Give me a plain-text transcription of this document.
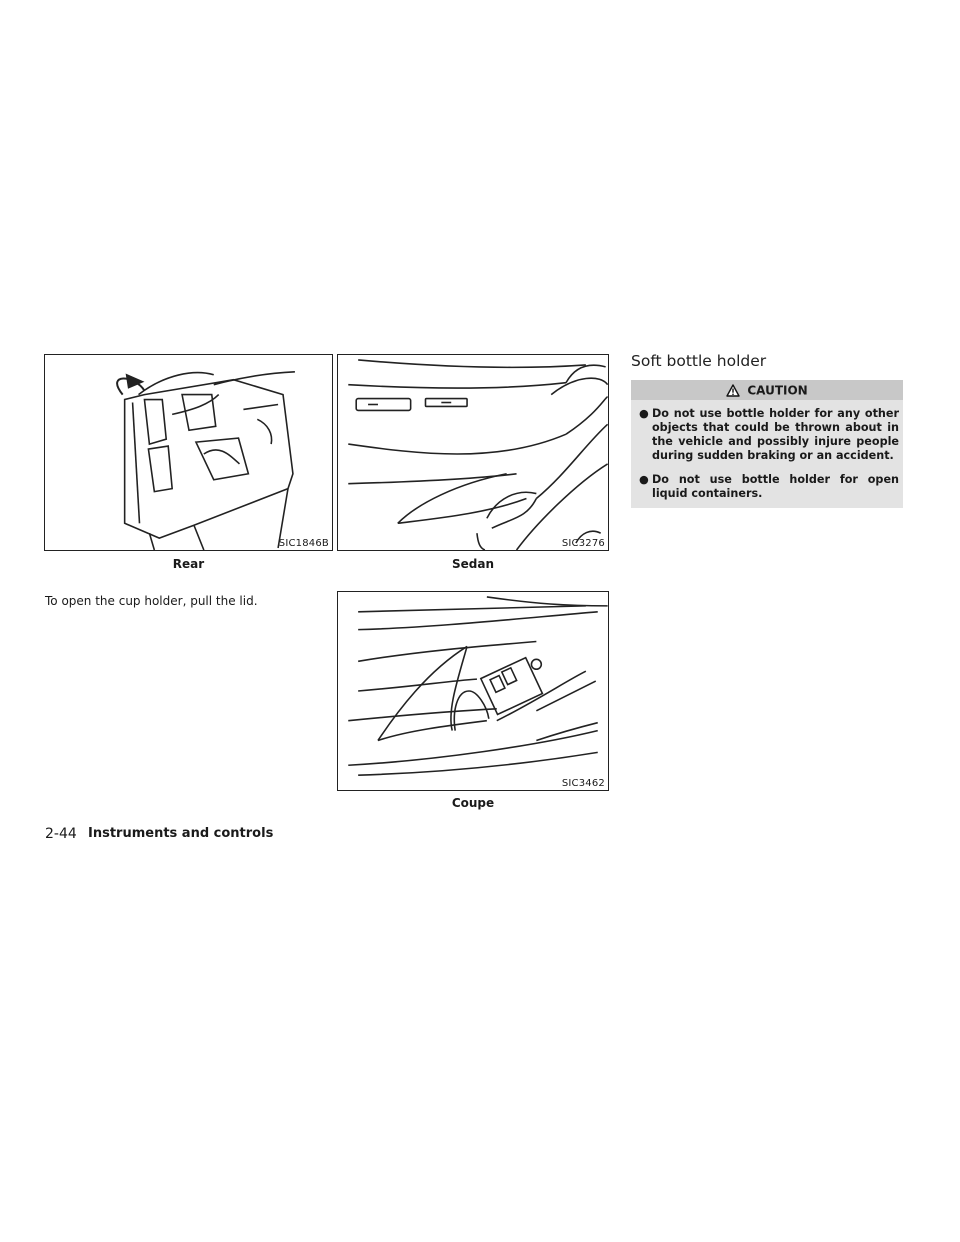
SIC1846B
Rear
SIC3276
Sedan
SIC3462
Coupe
To open the cup holder, pull the lid.
Soft bottle holder
CAUTION
● Do not use bottle holder for any other objects that could be thrown about in the vehicle and possibly injure people during sudden braking or an accident.
● Do not use bottle holder for open liquid containers.
2-44 Instruments and controls
